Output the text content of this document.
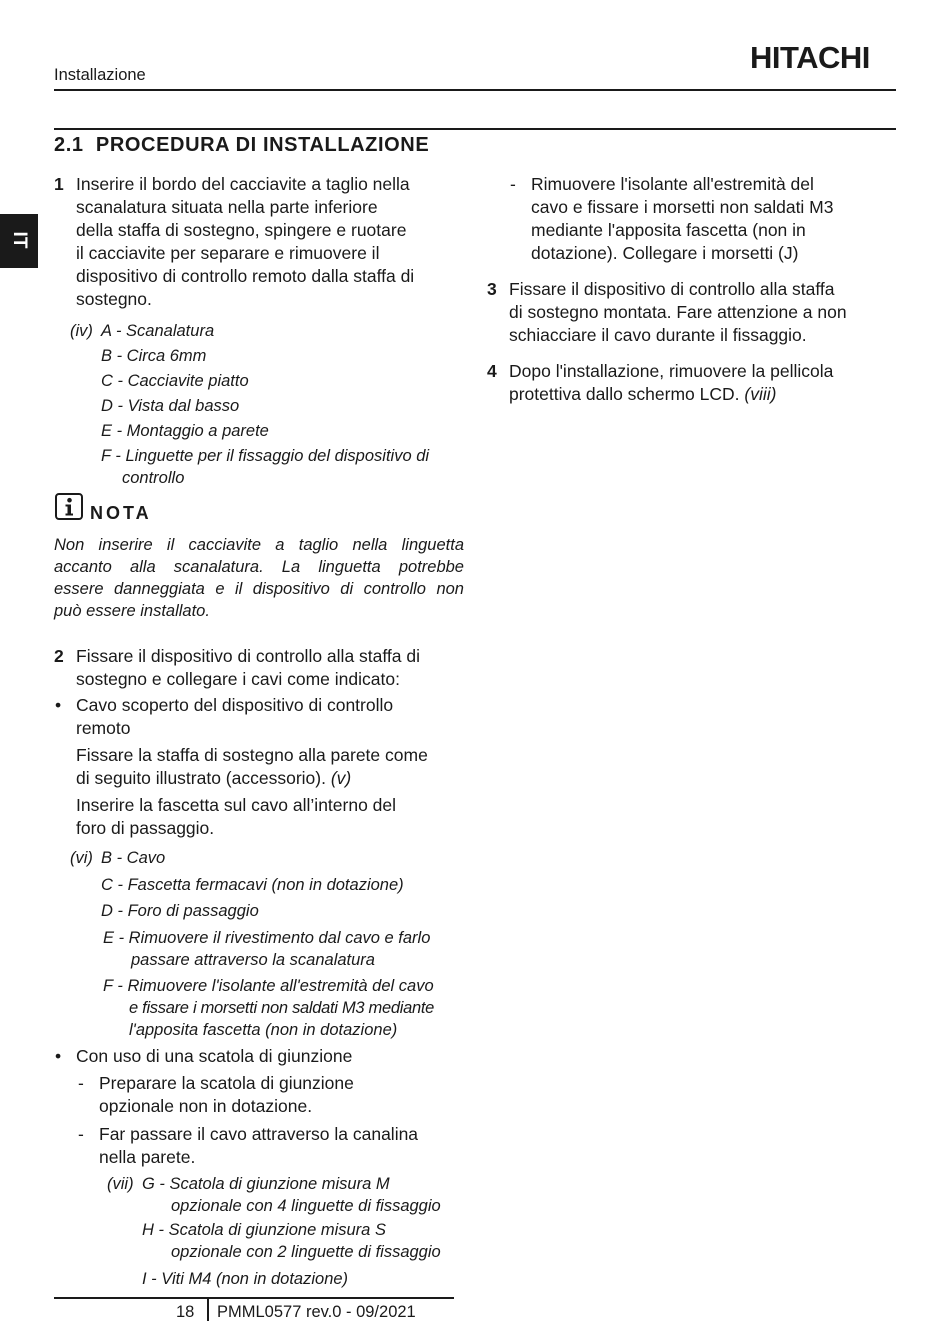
Installazione	HITACHI
IT
2.1  PROCEDURA DI INSTALLAZIONE
1 Inserire il bordo del cacciavite a taglio nella
scanalatura situata nella parte inferiore
della staffa di sostegno, spingere e ruotare
il cacciavite per separare e rimuovere il
dispositivo di controllo remoto dalla staffa di
sostegno.
(iv) A - Scanalatura
B - Circa 6mm
C - Cacciavite piatto
D - Vista dal basso
E - Montaggio a parete
F - Linguette per il fissaggio del dispositivo di
controllo
NOTA
Non inserire il cacciavite a taglio nella linguetta
accanto alla scanalatura. La linguetta potrebbe
essere danneggiata e il dispositivo di controllo non
può essere installato.
2 Fissare il dispositivo di controllo alla staffa di
sostegno e collegare i cavi come indicato:
• Cavo scoperto del dispositivo di controllo
remoto
Fissare la staffa di sostegno alla parete come
di seguito illustrato (accessorio). (v)
Inserire la fascetta sul cavo all’interno del
foro di passaggio.
(vi) B - Cavo
C - Fascetta fermacavi (non in dotazione)
D - Foro di passaggio
E - Rimuovere il rivestimento dal cavo e farlo
passare attraverso la scanalatura
F - Rimuovere l'isolante all'estremità del cavo
e fissare i morsetti non saldati M3 mediante
l'apposita fascetta (non in dotazione)
• Con uso di una scatola di giunzione
- Preparare la scatola di giunzione
opzionale non in dotazione.
- Far passare il cavo attraverso la canalina
nella parete.
(vii) G - Scatola di giunzione misura M
opzionale con 4 linguette di fissaggio
H - Scatola di giunzione misura S
opzionale con 2 linguette di fissaggio
I - Viti M4 (non in dotazione)
- Rimuovere l'isolante all'estremità del
cavo e fissare i morsetti non saldati M3
mediante l'apposita fascetta (non in
dotazione). Collegare i morsetti (J)
3 Fissare il dispositivo di controllo alla staffa
di sostegno montata. Fare attenzione a non
schiacciare il cavo durante il fissaggio.
4 Dopo l'installazione, rimuovere la pellicola
protettiva dallo schermo LCD. (viii)
18 PMML0577 rev.0 - 09/2021
